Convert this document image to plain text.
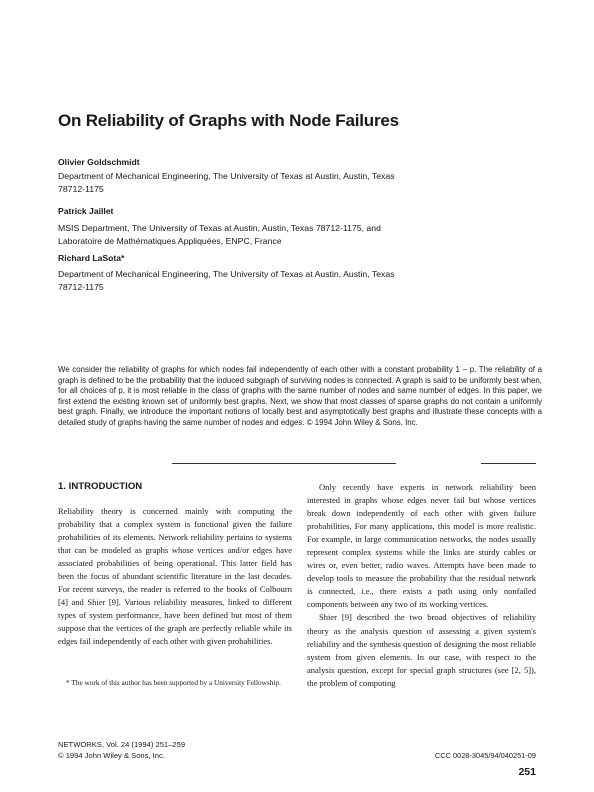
On Reliability of Graphs with Node Failures
Olivier Goldschmidt
Department of Mechanical Engineering, The University of Texas at Austin, Austin, Texas 78712-1175
Patrick Jaillet
MSIS Department, The University of Texas at Austin, Austin, Texas 78712-1175, and Laboratoire de Mathématiques Appliquées, ENPC, France
Richard LaSota*
Department of Mechanical Engineering, The University of Texas at Austin, Austin, Texas 78712-1175
We consider the reliability of graphs for which nodes fail independently of each other with a constant probability 1 − p. The reliability of a graph is defined to be the probability that the induced subgraph of surviving nodes is connected. A graph is said to be uniformly best when, for all choices of p, it is most reliable in the class of graphs with the same number of nodes and same number of edges. In this paper, we first extend the existing known set of uniformly best graphs. Next, we show that most classes of sparse graphs do not contain a uniformly best graph. Finally, we introduce the important notions of locally best and asymptotically best graphs and illustrate these concepts with a detailed study of graphs having the same number of nodes and edges. © 1994 John Wiley & Sons, Inc.
1. INTRODUCTION

Reliability theory is concerned mainly with computing the probability that a complex system is functional given the failure probabilities of its elements. Network reliability pertains to systems that can be modeled as graphs whose vertices and/or edges have associated probabilities of being operational. This latter field has been the focus of abundant scientific literature in the last decades. For recent surveys, the reader is referred to the books of Colbourn [4] and Shier [9]. Various reliability measures, linked to different types of system performance, have been defined but most of them suppose that the vertices of the graph are perfectly reliable while its edges fail independently of each other with given probabilities.

Only recently have experts in network reliability been interested in graphs whose edges never fail but whose vertices break down independently of each other with given failure probabilities. For many applications, this model is more realistic. For example, in large communication networks, the nodes usually represent complex systems while the links are sturdy cables or wires or, even better, radio waves. Attempts have been made to develop tools to measure the probability that the residual network is connected, i.e., there exists a path using only nonfailed components between any two of its working vertices.

Shier [9] described the two broad objectives of reliability theory as the analysis question of assessing a given system's reliability and the synthesis question of designing the most reliable system from given elements. In our case, with respect to the analysis question, except for special graph structures (see [2, 5]), the problem of computing

* The work of this author has been supported by a University Fellowship.
NETWORKS, Vol. 24 (1994) 251–259
© 1994 John Wiley & Sons, Inc.	CCC 0028-3045/94/040251-09
251
